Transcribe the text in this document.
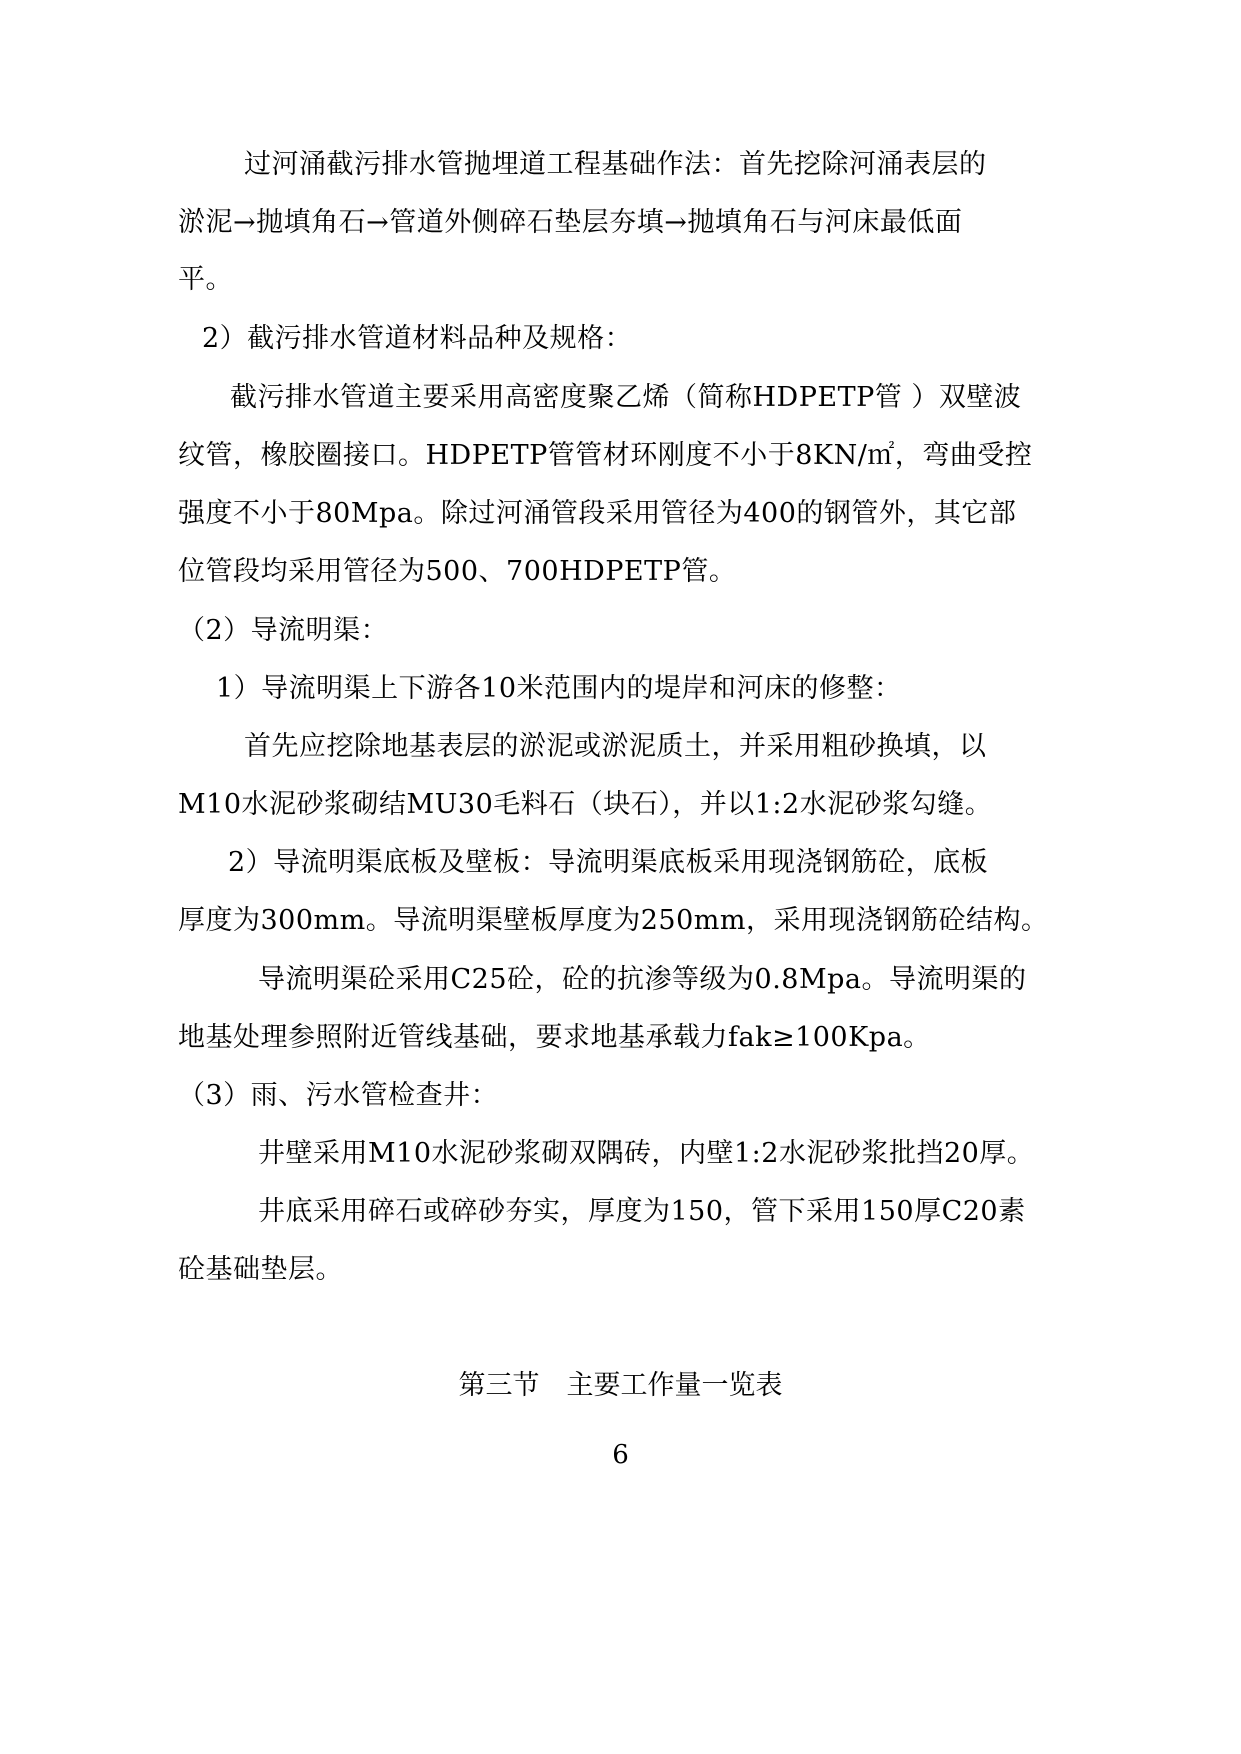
过河涌截污排水管抛埋道工程基础作法：首先挖除河涌表层的
淤泥→抛填角石→管道外侧碎石垫层夯填→抛填角石与河床最低面
平。
2）截污排水管道材料品种及规格：
截污排水管道主要采用高密度聚乙烯（简称HDPETP管 ）双壁波
纹管，橡胶圈接口。HDPETP管管材环刚度不小于8KN/㎡，弯曲受控
强度不小于80Mpa。除过河涌管段采用管径为400的钢管外，其它部
位管段均采用管径为500、700HDPETP管。
（2）导流明渠：
1）导流明渠上下游各10米范围内的堤岸和河床的修整：
首先应挖除地基表层的淤泥或淤泥质土，并采用粗砂换填，以
M10水泥砂浆砌结MU30毛料石（块石），并以1:2水泥砂浆勾缝。
2）导流明渠底板及壁板：导流明渠底板采用现浇钢筋砼，底板
厚度为300mm。导流明渠壁板厚度为250mm，采用现浇钢筋砼结构。
导流明渠砼采用C25砼，砼的抗渗等级为0.8Mpa。导流明渠的
地基处理参照附近管线基础，要求地基承载力fak≥100Kpa。
（3）雨、污水管检查井：
井壁采用M10水泥砂浆砌双隅砖，内壁1:2水泥砂浆批挡20厚。
井底采用碎石或碎砂夯实，厚度为150，管下采用150厚C20素
砼基础垫层。
第三节　主要工作量一览表
6
